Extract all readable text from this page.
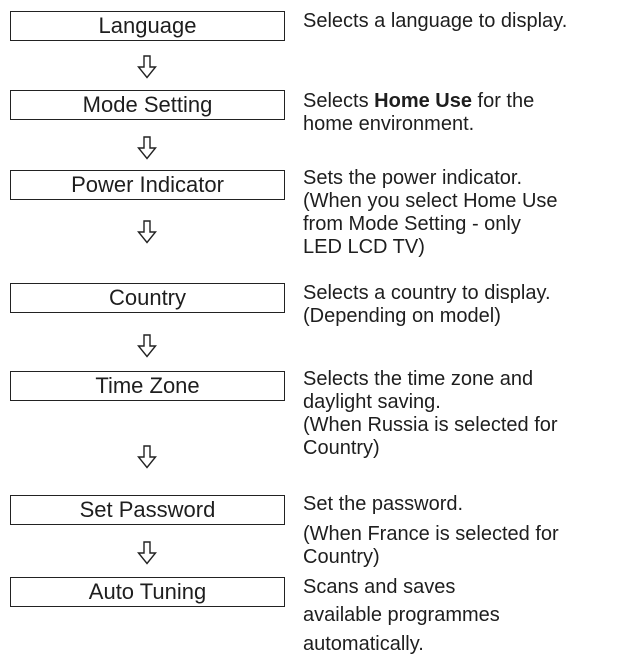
Language	Selects a language to display.

Mode Setting	Selects Home Use for the

home environment.

Power Indicator	Sets the power indicator.

(When you select Home Use

from Mode Setting - only

LED LCD TV)

Country	Selects a country to display.

(Depending on model)

Time Zone	Selects the time zone and

daylight saving.

(When Russia is selected for

Country)

Set Password	Set the password.

(When France is selected for

Country)

Auto Tuning	Scans and saves

available programmes

automatically.
